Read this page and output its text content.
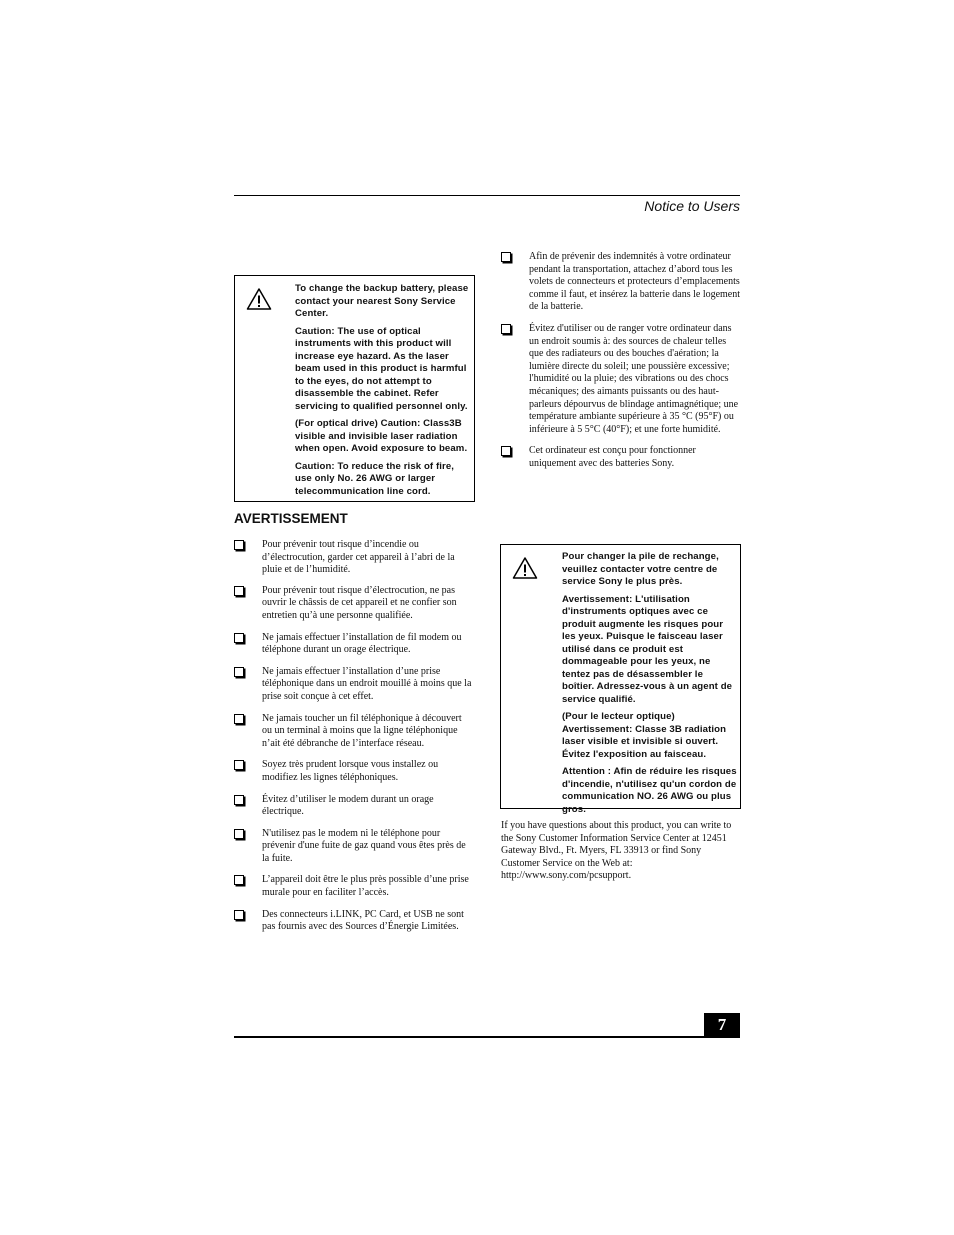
Notice to Users

To change the backup battery, please contact your nearest Sony Service Center.

Caution: The use of optical instruments with this product will increase eye hazard. As the laser beam used in this product is harmful to the eyes, do not attempt to disassemble the cabinet. Refer servicing to qualified personnel only.

(For optical drive) Caution: Class3B visible and invisible laser radiation when open. Avoid exposure to beam.

Caution: To reduce the risk of fire, use only No. 26 AWG or larger telecommunication line cord.

AVERTISSEMENT
Pour prévenir tout risque d’incendie ou d’électrocution, garder cet appareil à l’abri de la pluie et de l’humidité.
Pour prévenir tout risque d’électrocution, ne pas ouvrir le châssis de cet appareil et ne confier son entretien qu’à une personne qualifiée.
Ne jamais effectuer l’installation de fil modem ou téléphone durant un orage électrique.
Ne jamais effectuer l’installation d’une prise téléphonique dans un endroit mouillé à moins que la prise soit conçue à cet effet.
Ne jamais toucher un fil téléphonique à découvert ou un terminal à moins que la ligne téléphonique n’ait été débranche de l’interface réseau.
Soyez très prudent lorsque vous installez ou modifiez les lignes téléphoniques.
Évitez d’utiliser le modem durant un orage électrique.
N'utilisez pas le modem ni le téléphone pour prévenir d'une fuite de gaz quand vous êtes près de la fuite.
L’appareil doit être le plus près possible d’une prise murale pour en faciliter l’accès.
Des connecteurs i.LINK, PC Card, et USB ne sont pas fournis avec des Sources d’Énergie Limitées.
Afin de prévenir des indemnités à votre ordinateur pendant la transportation, attachez d’abord tous les volets de connecteurs et protecteurs d’emplacements comme il faut, et insérez la batterie dans le logement de la batterie.
Évitez d'utiliser ou de ranger votre ordinateur dans un endroit soumis à: des sources de chaleur telles que des radiateurs ou des bouches d'aération; la lumière directe du soleil; une poussière excessive; l'humidité ou la pluie; des vibrations ou des chocs mécaniques; des aimants puissants ou des haut-parleurs dépourvus de blindage antimagnétique; une température ambiante supérieure à 35 °C (95°F) ou inférieure à 5 5°C (40°F); et une forte humidité.
Cet ordinateur est conçu pour fonctionner uniquement avec des batteries Sony.

Pour changer la pile de rechange, veuillez contacter votre centre de service Sony le plus près.

Avertissement: L'utilisation d'instruments optiques avec ce produit augmente les risques pour les yeux. Puisque le faisceau laser utilisé dans ce produit est dommageable pour les yeux, ne tentez pas de désassembler le boîtier. Adressez-vous à un agent de service qualifié.

(Pour le lecteur optique) Avertissement: Classe 3B radiation laser visible et invisible si ouvert. Évitez l'exposition au faisceau.

Attention : Afin de réduire les risques d'incendie, n'utilisez qu'un cordon de communication NO. 26 AWG ou plus gros.

If you have questions about this product, you can write to the Sony Customer Information Service Center at 12451 Gateway Blvd., Ft. Myers, FL 33913 or find Sony Customer Service on the Web at: http://www.sony.com/pcsupport.

7
